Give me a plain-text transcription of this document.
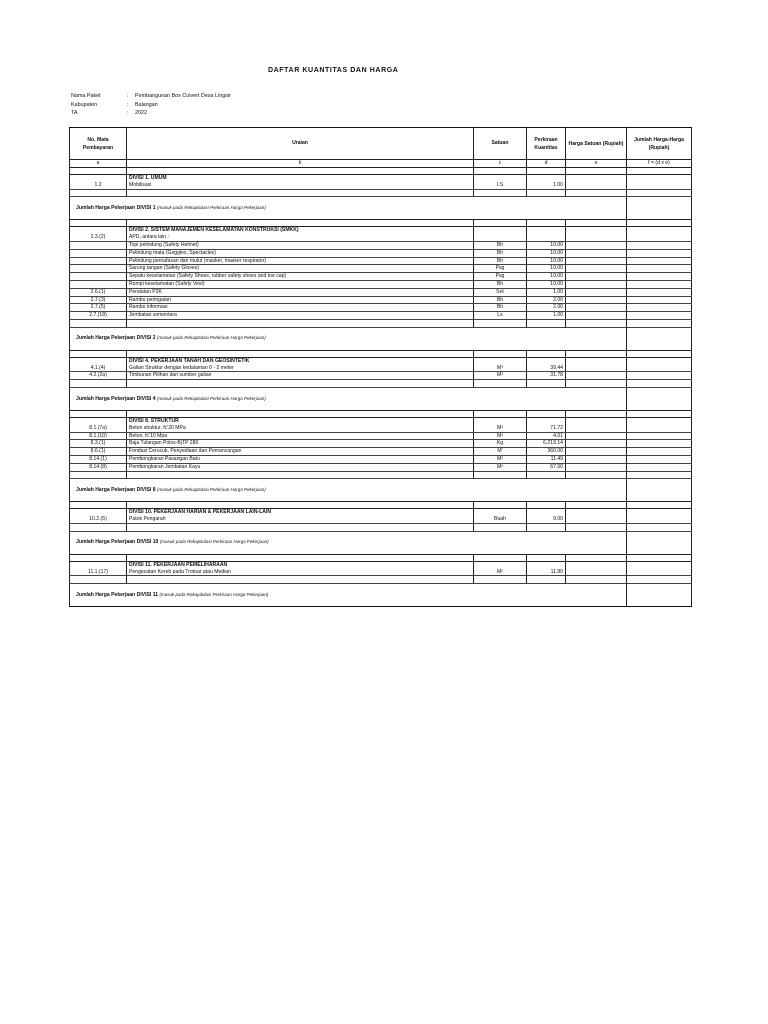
DAFTAR KUANTITAS DAN HARGA
Nama Paket	:	Pembangunan Box Culvert Desa Lingsir
Kabupaten	:	Balangan
TA	:	2022
No. Mata Pembayaran	Uraian	Satuan	Perkiraan Kuantitas	Harga Satuan (Rupiah)	Jumlah Harga-Harga (Rupiah)

a	b	c	d	e	f = (d x e)

	DIVISI 1. UMUM				
1.2	Mobilisasi	LS	1.00		

Jumlah Harga Pekerjaan DIVISI 1 (masuk pada Rekapitulasi Perkiraan Harga Pekerjaan)					

	DIVISI 2. SISTEM MANAJEMEN KESELAMATAN KONSTRUKSI (SMKK)				
2.3.(2)	APD, antara lain :				
	Topi pelindung (Safety Helmet)	Bh	10.00		
	Pelindung mata (Goggles, Spectacles)	Bh	10.00		
	Pelindung pernafasan dan mulut (masker, masker respirator)	Bh	10.00		
	Sarung tangan (Safety Gloves)	Psg	10.00		
	Sepatu keselamatan (Safety Shoes, rubber safety shoes and toe cap)	Psg	10.00		
	Rompi keselamatan (Safety Vest)	Bh	10.00		
2.6.(1)	Peralatan P3K	Set	1.00		
2.7.(3)	Rambu peringatan	Bh	2.00		
2.7.(5)	Rambu informasi	Bh	2.00		
2.7.(18)	Jembatan sementara	Ls	1.00		

Jumlah Harga Pekerjaan DIVISI 2 (masuk pada Rekapitulasi Perkiraan Harga Pekerjaan)					

	DIVISI 4. PEKERJAAN TANAH DAN GEOSINTETIK				
4.1.(4)	Galian Struktur dengan kedalaman 0 - 2 meter	M³	39.44		
4.2.(2a)	Timbunan Pilihan dari sumber galian	M³	31.78		

Jumlah Harga Pekerjaan DIVISI 4 (masuk pada Rekapitulasi Perkiraan Harga Pekerjaan)					

	DIVISI 8. STRUKTUR				
8.1.(7a)	Beton struktur, fc'20 MPa	M³	71.72		
8.1.(10)	Beton, fc'10 Mpa	M³	4.01		
8.3.(1)	Baja Tulangan Polos-BjTP 280	Kg	6,219.14		
8.6.(1)	Fondasi Cerucuk, Penyediaan dan Pemancangan	M'	360.00		
8.14.(1)	Pembongkaran Pasangan Batu	M³	11.49		
8.14.(8)	Pembongkaran Jembatan Kayu	M²	67.50		

Jumlah Harga Pekerjaan DIVISI 8 (masuk pada Rekapitulasi Perkiraan Harga Pekerjaan)					

	DIVISI 10. PEKERJAAN HARIAN & PEKERJAAN LAIN-LAIN				
10.2.(5)	Patok Pengarah	Buah	9.00		

Jumlah Harga Pekerjaan DIVISI 10 (masuk pada Rekapitulasi Perkiraan Harga Pekerjaan)					

	DIVISI 11. PEKERJAAN PEMELIHARAAN				
11.1.(17)	Pengecatan Kereb pada Trotoar atau Median	M²	11.80		

Jumlah Harga Pekerjaan DIVISI 11 (masuk pada Rekapitulasi Perkiraan Harga Pekerjaan)					
